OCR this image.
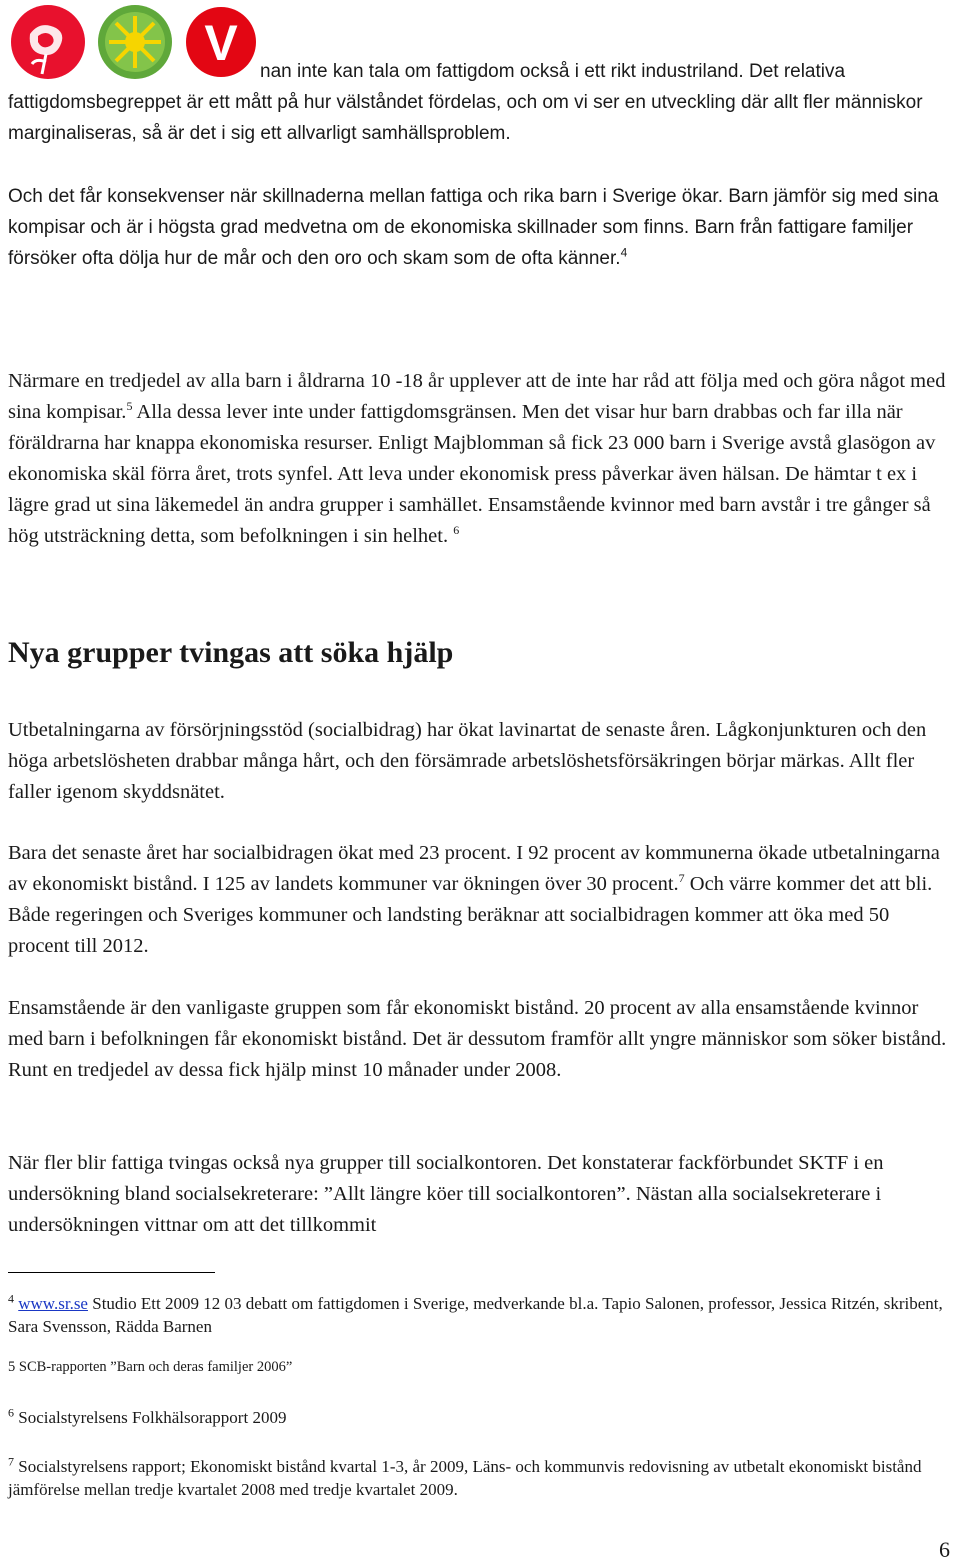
V

nan inte kan tala om fattigdom också i ett rikt industriland. Det relativa fattigdomsbegreppet är ett mått på hur välståndet fördelas, och om vi ser en utveckling där allt fler människor marginaliseras, så är det i sig ett allvarligt samhällsproblem.

Och det får konsekvenser när skillnaderna mellan fattiga och rika barn i Sverige ökar. Barn jämför sig med sina kompisar och är i högsta grad medvetna om de ekonomiska skillnader som finns. Barn från fattigare familjer försöker ofta dölja hur de mår och den oro och skam som de ofta känner.$^4$

Närmare en tredjedel av alla barn i åldrarna 10 -18 år upplever att de inte har råd att följa med och göra något med sina kompisar.$^5$ Alla dessa lever inte under fattigdomsgränsen. Men det visar hur barn drabbas och far illa när föräldrarna har knappa ekonomiska resurser. Enligt Majblomman så fick 23 000 barn i Sverige avstå glasögon av ekonomiska skäl förra året, trots synfel. Att leva under ekonomisk press påverkar även hälsan. De hämtar t ex i lägre grad ut sina läkemedel än andra grupper i samhället. Ensamstående kvinnor med barn avstår i tre gånger så hög utsträckning detta, som befolkningen i sin helhet. $^6$

Nya grupper tvingas att söka hjälp

Utbetalningarna av försörjningsstöd (socialbidrag) har ökat lavinartat de senaste åren. Lågkonjunkturen och den höga arbetslösheten drabbar många hårt, och den försämrade arbetslöshetsförsäkringen börjar märkas. Allt fler faller igenom skyddsnätet.

Bara det senaste året har socialbidragen ökat med 23 procent. I 92 procent av kommunerna ökade utbetalningarna av ekonomiskt bistånd. I 125 av landets kommuner var ökningen över 30 procent.$^7$ Och värre kommer det att bli. Både regeringen och Sveriges kommuner och landsting beräknar att socialbidragen kommer att öka med 50 procent till 2012.

Ensamstående är den vanligaste gruppen som får ekonomiskt bistånd. 20 procent av alla ensamstående kvinnor med barn i befolkningen får ekonomiskt bistånd. Det är dessutom framför allt yngre människor som söker bistånd. Runt en tredjedel av dessa fick hjälp minst 10 månader under 2008.

När fler blir fattiga tvingas också nya grupper till socialkontoren. Det konstaterar fackförbundet SKTF i en undersökning bland socialsekreterare: ”Allt längre köer till socialkontoren”. Nästan alla socialsekreterare i undersökningen vittnar om att det tillkommit

$^4$ www.sr.se Studio Ett 2009 12 03 debatt om fattigdomen i Sverige, medverkande bl.a. Tapio Salonen, professor, Jessica Ritzén, skribent, Sara Svensson, Rädda Barnen

5 SCB-rapporten ”Barn och deras familjer 2006”

$^6$ Socialstyrelsens Folkhälsorapport 2009

$^7$ Socialstyrelsens rapport; Ekonomiskt bistånd kvartal 1-3, år 2009, Läns- och kommunvis redovisning av utbetalt ekonomiskt bistånd jämförelse mellan tredje kvartalet 2008 med tredje kvartalet 2009.

6
